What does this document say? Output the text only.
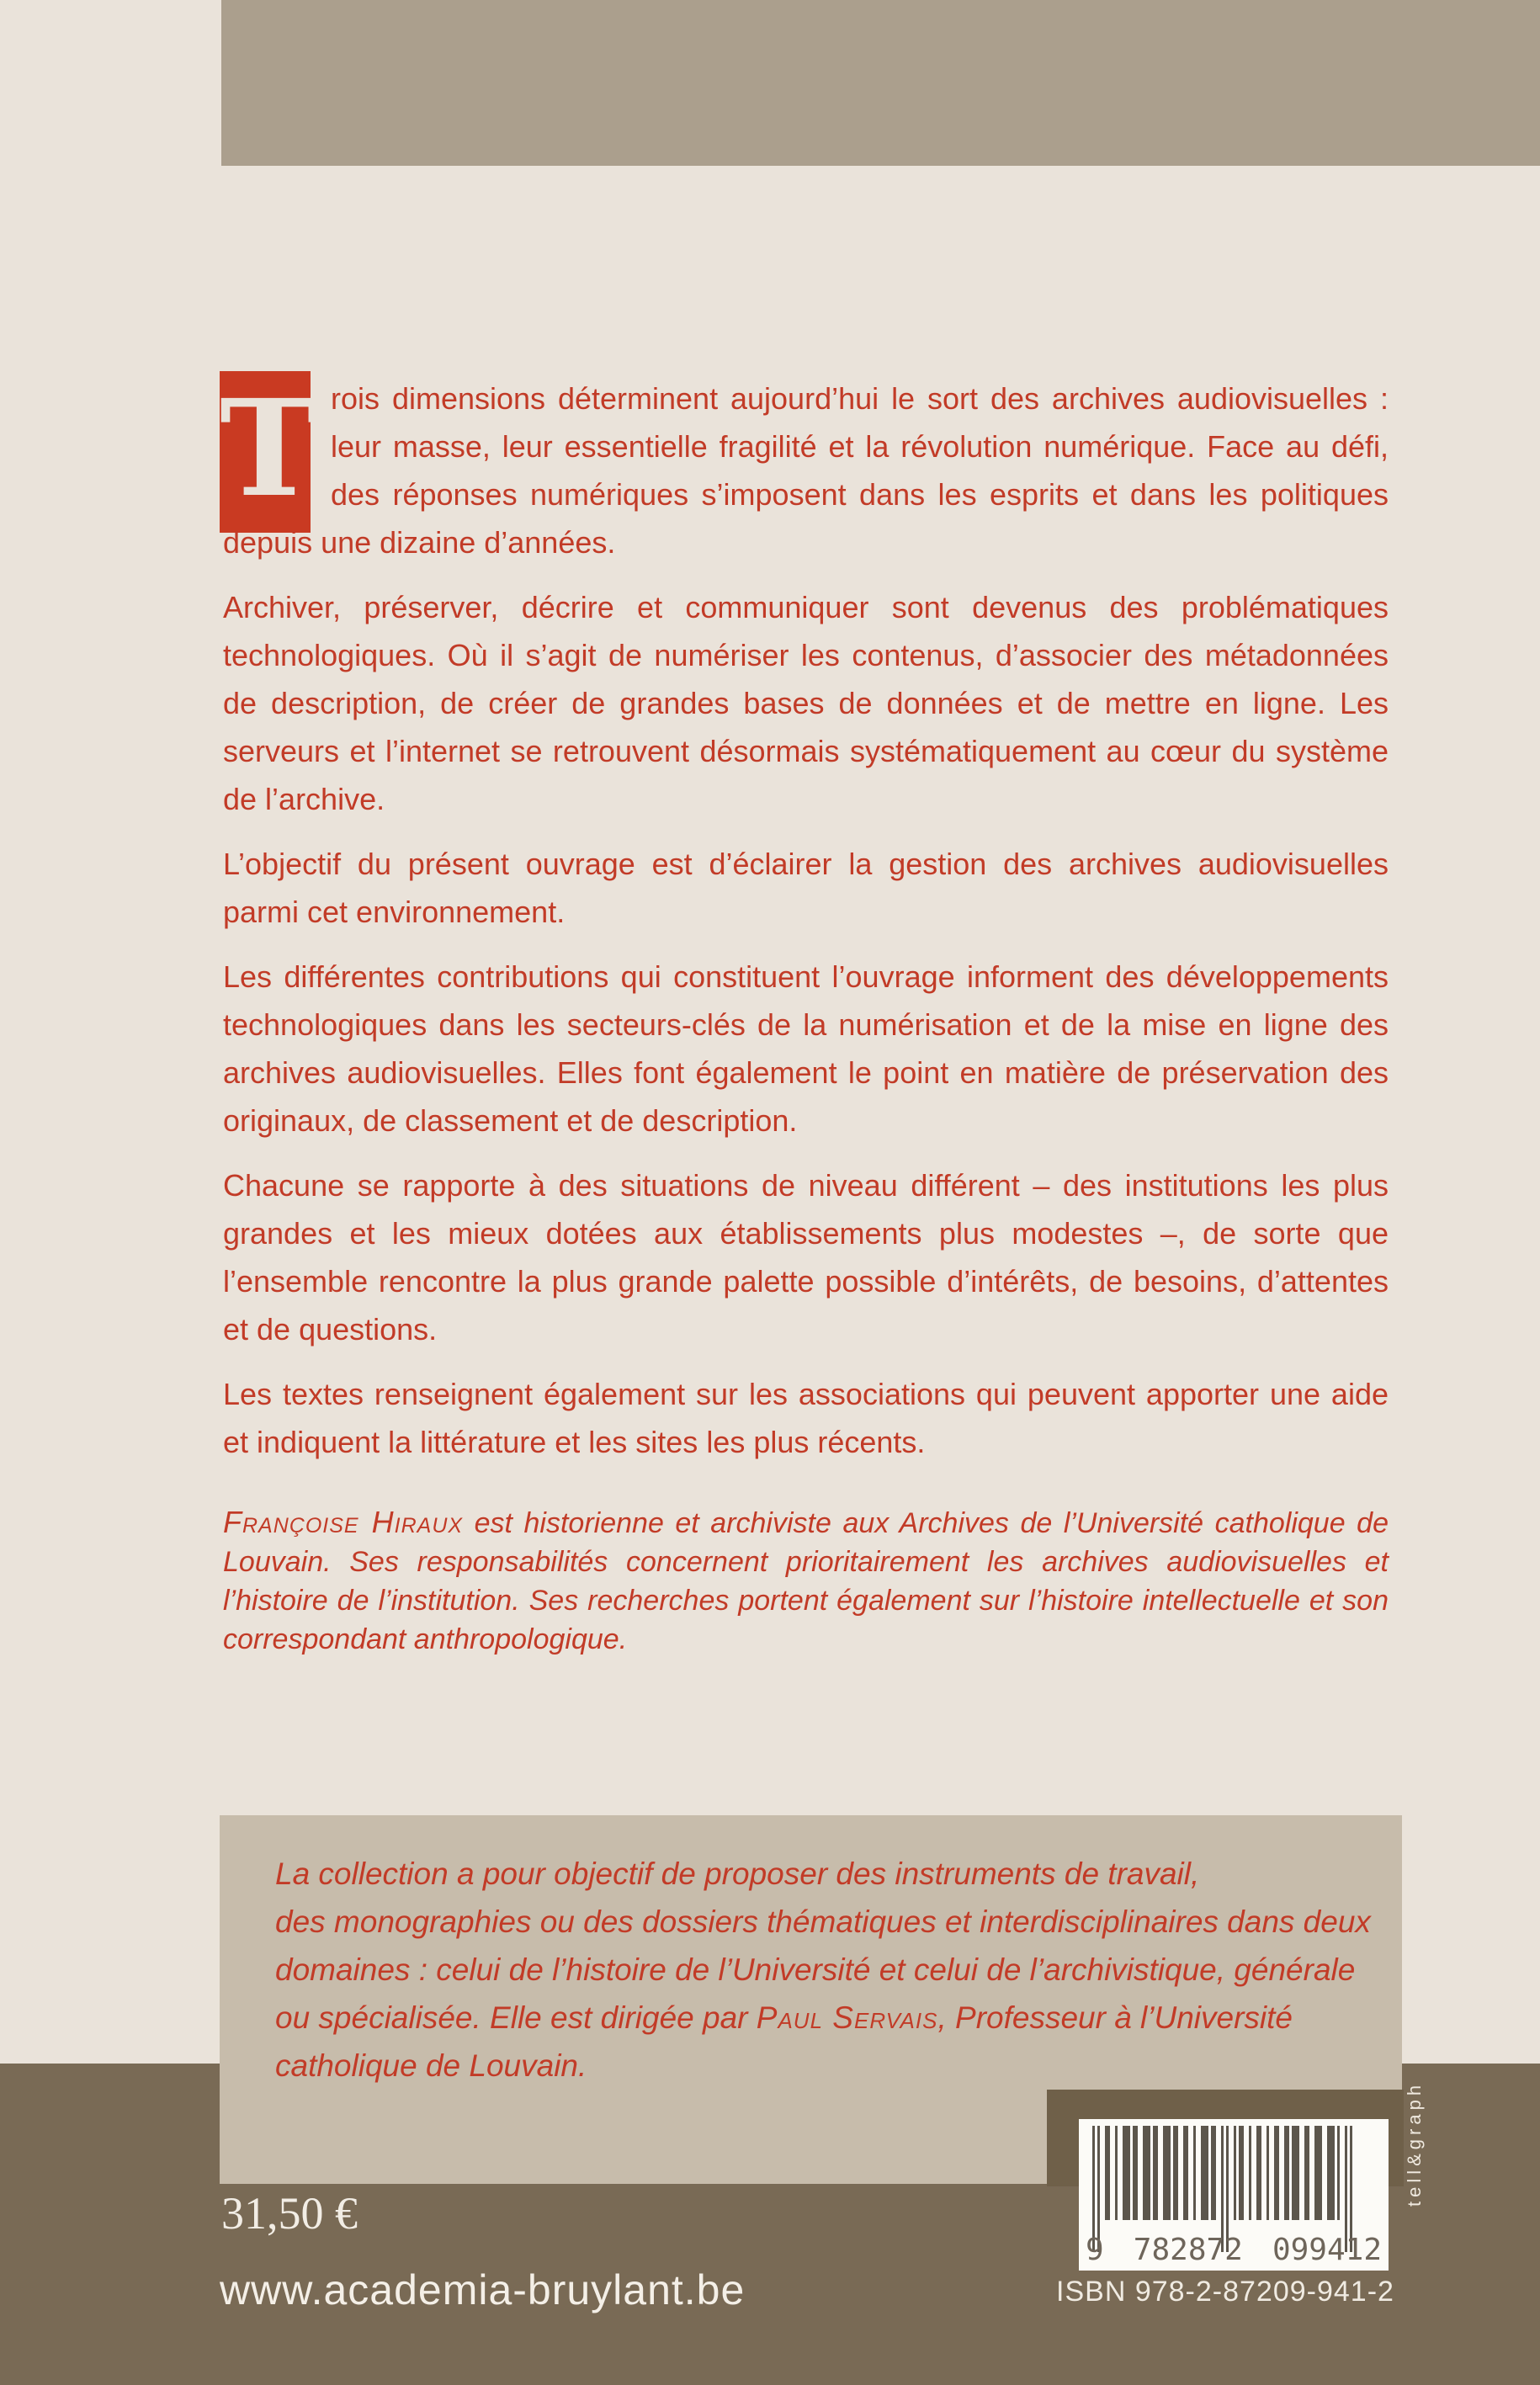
T rois dimensions déterminent aujourd’hui le sort des archives audiovisuelles : leur masse, leur essentielle fragilité et la révolution numérique. Face au défi, des réponses numériques s’imposent dans les esprits et dans les politiques depuis une dizaine d’années.

Archiver, préserver, décrire et communiquer sont devenus des problématiques technologiques. Où il s’agit de numériser les contenus, d’associer des métadonnées de description, de créer de grandes bases de données et de mettre en ligne. Les serveurs et l’internet se retrouvent désormais systématiquement au cœur du système de l’archive.

L’objectif du présent ouvrage est d’éclairer la gestion des archives audiovisuelles parmi cet environnement.

Les différentes contributions qui constituent l’ouvrage informent des développements technologiques dans les secteurs-clés de la numérisation et de la mise en ligne des archives audiovisuelles. Elles font également le point en matière de préservation des originaux, de classement et de description.

Chacune se rapporte à des situations de niveau différent – des institutions les plus grandes et les mieux dotées aux établissements plus modestes –, de sorte que l’ensemble rencontre la plus grande palette possible d’intérêts, de besoins, d’attentes et de questions.

Les textes renseignent également sur les associations qui peuvent apporter une aide et indiquent la littérature et les sites les plus récents.

Françoise Hiraux est historienne et archiviste aux Archives de l’Université catholique de Louvain. Ses responsabilités concernent prioritairement les archives audiovisuelles et l’histoire de l’institution. Ses recherches portent également sur l’histoire intellectuelle et son correspondant anthropologique.

La collection a pour objectif de proposer des instruments de travail,
des monographies ou des dossiers thématiques et interdisciplinaires dans deux
domaines : celui de l’histoire de l’Université et celui de l’archivistique, générale
ou spécialisée. Elle est dirigée par Paul Servais, Professeur à l’Université
catholique de Louvain.
31,50 €
www.academia-bruylant.be
tell&graph
9 782872 099412
ISBN 978-2-87209-941-2
